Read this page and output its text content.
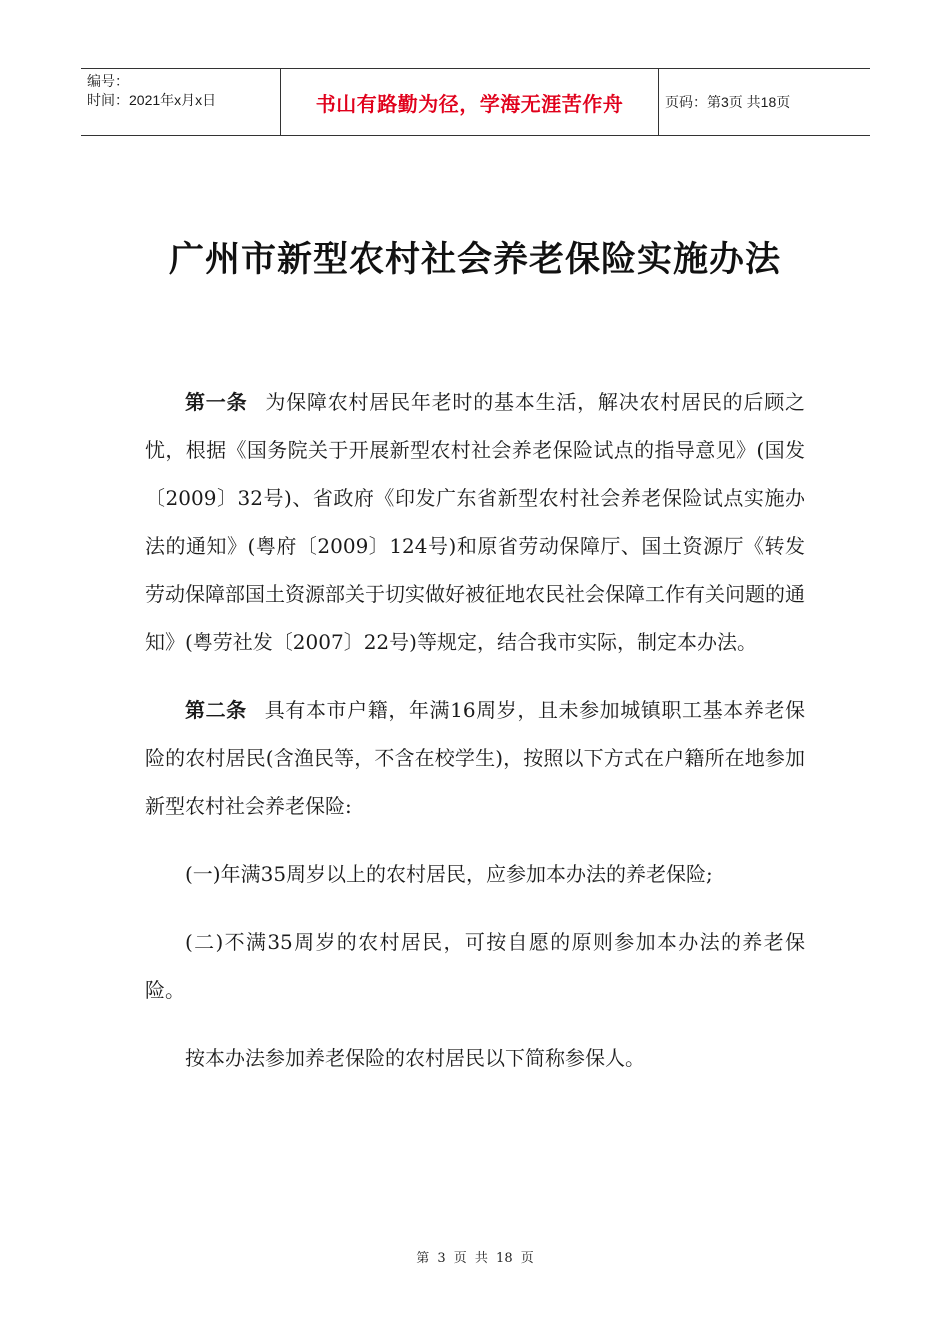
编号：
时间：2021年x月x日	书山有路勤为径，学海无涯苦作舟	页码：第3页 共18页
广州市新型农村社会养老保险实施办法

第一条 为保障农村居民年老时的基本生活，解决农村居民的后顾之忧，根据《国务院关于开展新型农村社会养老保险试点的指导意见》(国发〔2009〕32号)、省政府《印发广东省新型农村社会养老保险试点实施办法的通知》(粤府〔2009〕124号)和原省劳动保障厅、国土资源厅《转发劳动保障部国土资源部关于切实做好被征地农民社会保障工作有关问题的通知》(粤劳社发〔2007〕22号)等规定，结合我市实际，制定本办法。

第二条 具有本市户籍，年满16周岁，且未参加城镇职工基本养老保险的农村居民(含渔民等，不含在校学生)，按照以下方式在户籍所在地参加新型农村社会养老保险:

(一)年满35周岁以上的农村居民，应参加本办法的养老保险;

(二)不满35周岁的农村居民，可按自愿的原则参加本办法的养老保险。

按本办法参加养老保险的农村居民以下简称参保人。

第 3 页 共 18 页
